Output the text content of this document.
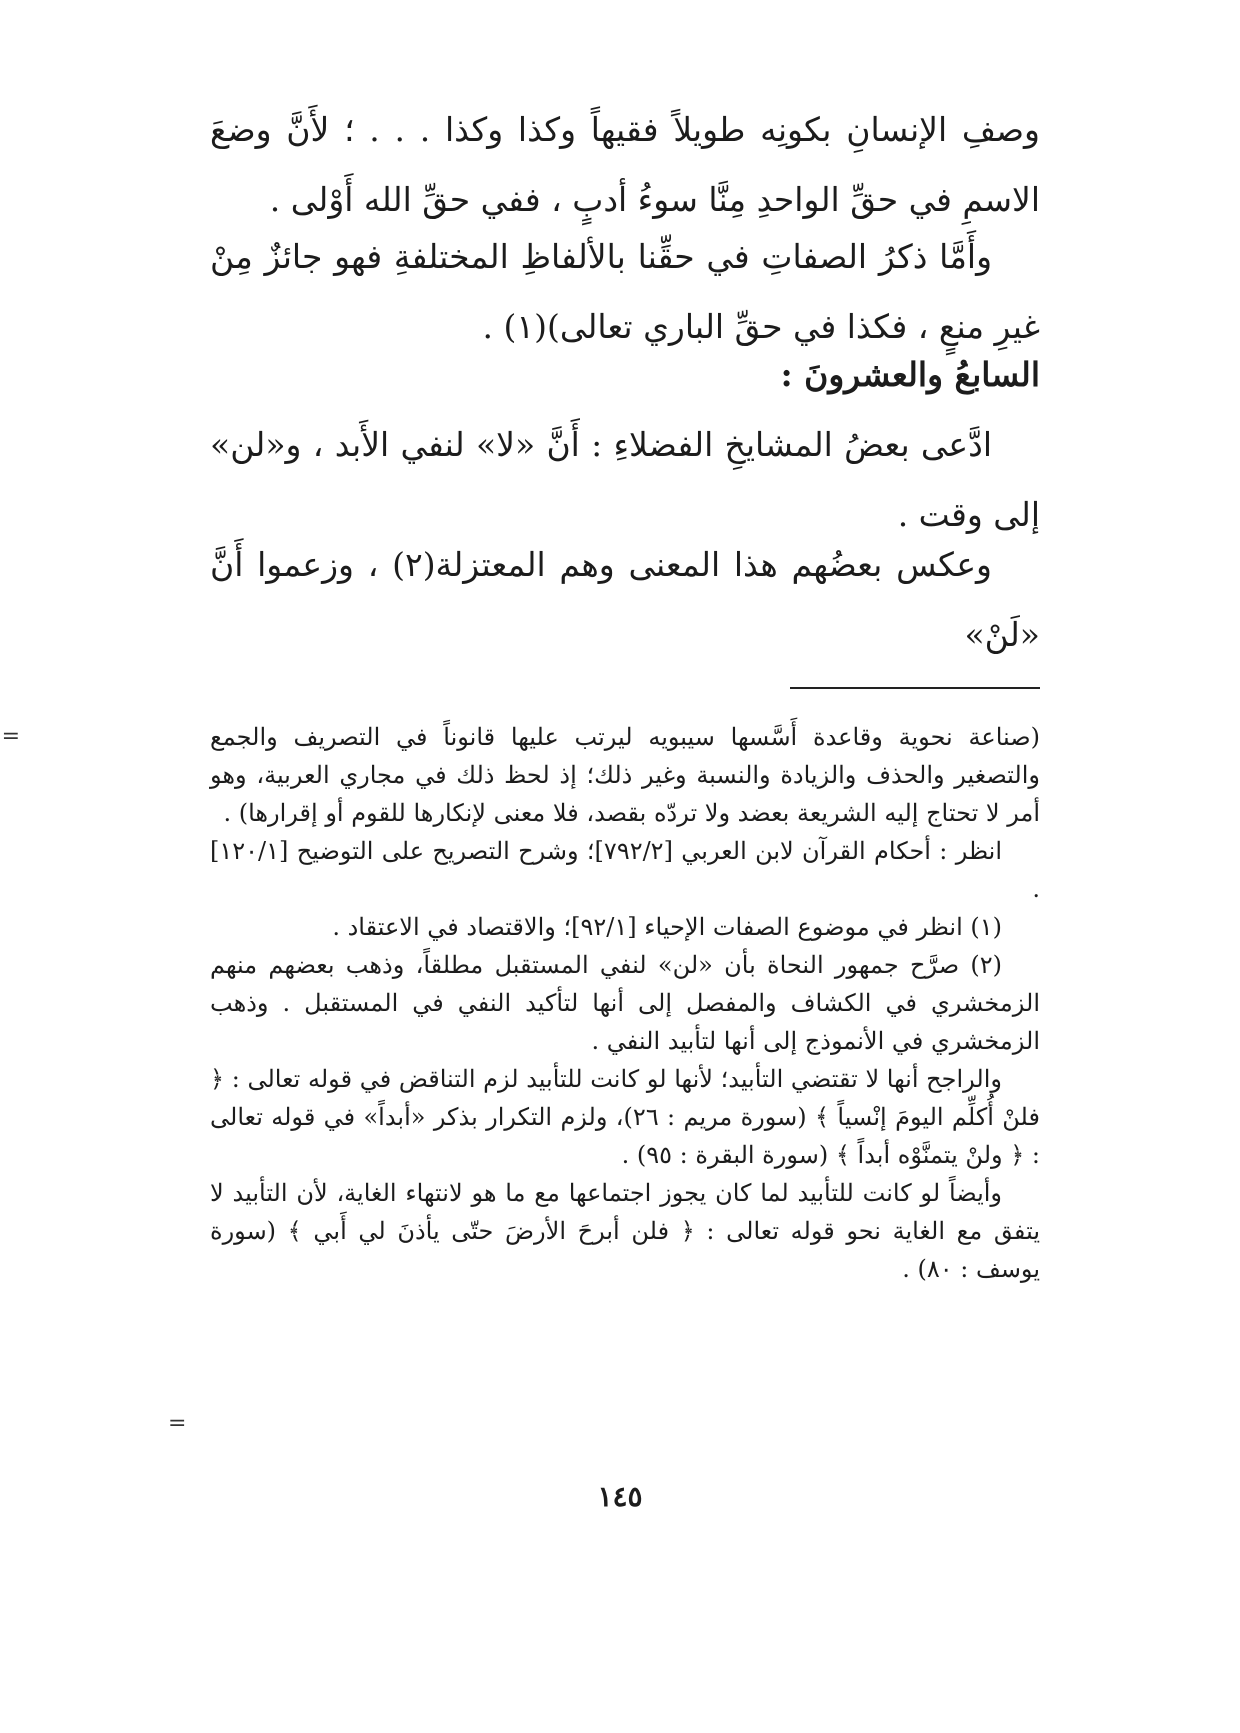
وصفِ الإنسانِ بكونِه طويلاً فقيهاً وكذا وكذا . . . ؛ لأَنَّ وضعَ الاسمِ في حقِّ الواحدِ مِنَّا سوءُ أدبٍ ، ففي حقِّ الله أَوْلى .

وأَمَّا ذكرُ الصفاتِ في حقِّنا بالألفاظِ المختلفةِ فهو جائزٌ مِنْ غيرِ منعٍ ، فكذا في حقِّ الباري تعالى)(١) .

السابعُ والعشرونَ :

ادَّعى بعضُ المشايخِ الفضلاءِ : أَنَّ «لا» لنفي الأَبد ، و«لن» إلى وقت .

وعكس بعضُهم هذا المعنى وهم المعتزلة(٢) ، وزعموا أَنَّ «لَنْ»

(صناعة نحوية وقاعدة أَسَّسها سيبويه ليرتب عليها قانوناً في التصريف والجمع والتصغير والحذف والزيادة والنسبة وغير ذلك؛ إذ لحظ ذلك في مجاري العربية، وهو أمر لا تحتاج إليه الشريعة بعضد ولا تردّه بقصد، فلا معنى لإنكارها للقوم أو إقرارها) .

انظر : أحكام القرآن لابن العربي [٧٩٢/٢]؛ وشرح التصريح على التوضيح [١٢٠/١] .

(١) انظر في موضوع الصفات الإحياء [٩٢/١]؛ والاقتصاد في الاعتقاد .

(٢) صرَّح جمهور النحاة بأن «لن» لنفي المستقبل مطلقاً، وذهب بعضهم منهم الزمخشري في الكشاف والمفصل إلى أنها لتأكيد النفي في المستقبل . وذهب الزمخشري في الأنموذج إلى أنها لتأبيد النفي .

والراجح أنها لا تقتضي التأبيد؛ لأنها لو كانت للتأبيد لزم التناقض في قوله تعالى : ﴿ فلنْ أُكلِّم اليومَ إنْسياً ﴾ (سورة مريم : ٢٦)، ولزم التكرار بذكر «أبداً» في قوله تعالى : ﴿ ولنْ يتمنَّوْه أبداً ﴾ (سورة البقرة : ٩٥) .

وأيضاً لو كانت للتأبيد لما كان يجوز اجتماعها مع ما هو لانتهاء الغاية، لأن التأبيد لا يتفق مع الغاية نحو قوله تعالى : ﴿ فلن أبرحَ الأرضَ حتّى يأذنَ لي أَبي ﴾ (سورة يوسف : ٨٠) .

=
=
١٤٥
